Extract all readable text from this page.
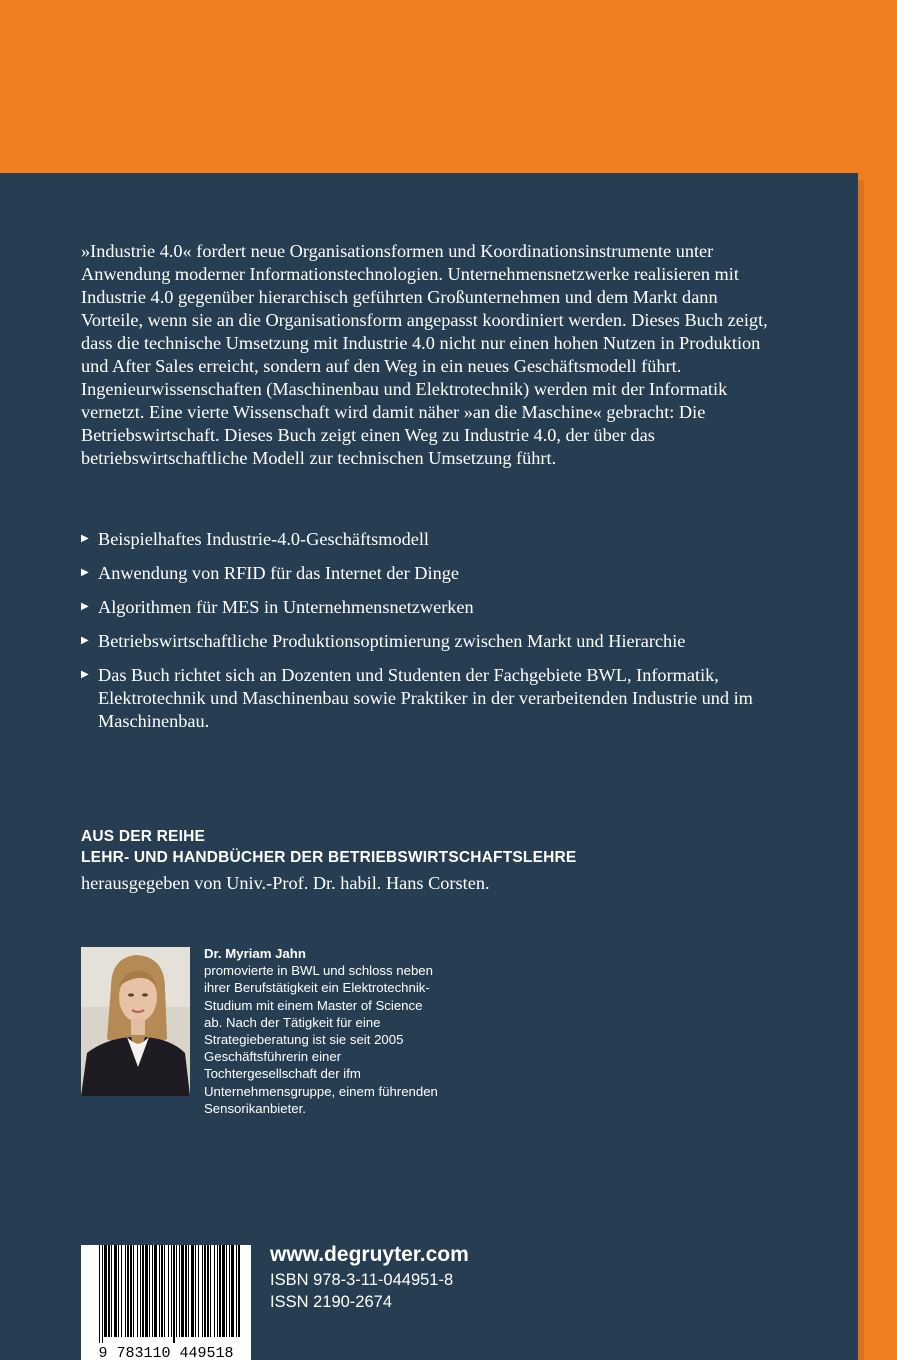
»Industrie 4.0« fordert neue Organisationsformen und Koordinationsinstrumente unter Anwendung moderner Informationstechnologien. Unternehmensnetzwerke realisieren mit Industrie 4.0 gegenüber hierarchisch geführten Großunternehmen und dem Markt dann Vorteile, wenn sie an die Organisationsform angepasst koordiniert werden. Dieses Buch zeigt, dass die technische Umsetzung mit Industrie 4.0 nicht nur einen hohen Nutzen in Produktion und After Sales erreicht, sondern auf den Weg in ein neues Geschäftsmodell führt.

Ingenieurwissenschaften (Maschinenbau und Elektrotechnik) werden mit der Informatik vernetzt. Eine vierte Wissenschaft wird damit näher »an die Maschine« gebracht: Die Betriebswirtschaft. Dieses Buch zeigt einen Weg zu Industrie 4.0, der über das betriebswirtschaftliche Modell zur technischen Umsetzung führt.

▶ Beispielhaftes Industrie-4.0-Geschäftsmodell
▶ Anwendung von RFID für das Internet der Dinge
▶ Algorithmen für MES in Unternehmensnetzwerken
▶ Betriebswirtschaftliche Produktionsoptimierung zwischen Markt und Hierarchie
▶ Das Buch richtet sich an Dozenten und Studenten der Fachgebiete BWL, Informatik, Elektrotechnik und Maschinenbau sowie Praktiker in der verarbeitenden Industrie und im Maschinenbau.
AUS DER REIHE
LEHR- UND HANDBÜCHER DER BETRIEBSWIRTSCHAFTSLEHRE
herausgegeben von Univ.-Prof. Dr. habil. Hans Corsten.
Dr. Myriam Jahn
promovierte in BWL und schloss neben ihrer Berufstätigkeit ein Elektrotechnik-Studium mit einem Master of Science ab. Nach der Tätigkeit für eine Strategieberatung ist sie seit 2005 Geschäftsführerin einer Tochtergesellschaft der ifm Unternehmensgruppe, einem führenden Sensorikanbieter.
9 783110 449518
www.degruyter.com
ISBN 978-3-11-044951-8
ISSN 2190-2674
